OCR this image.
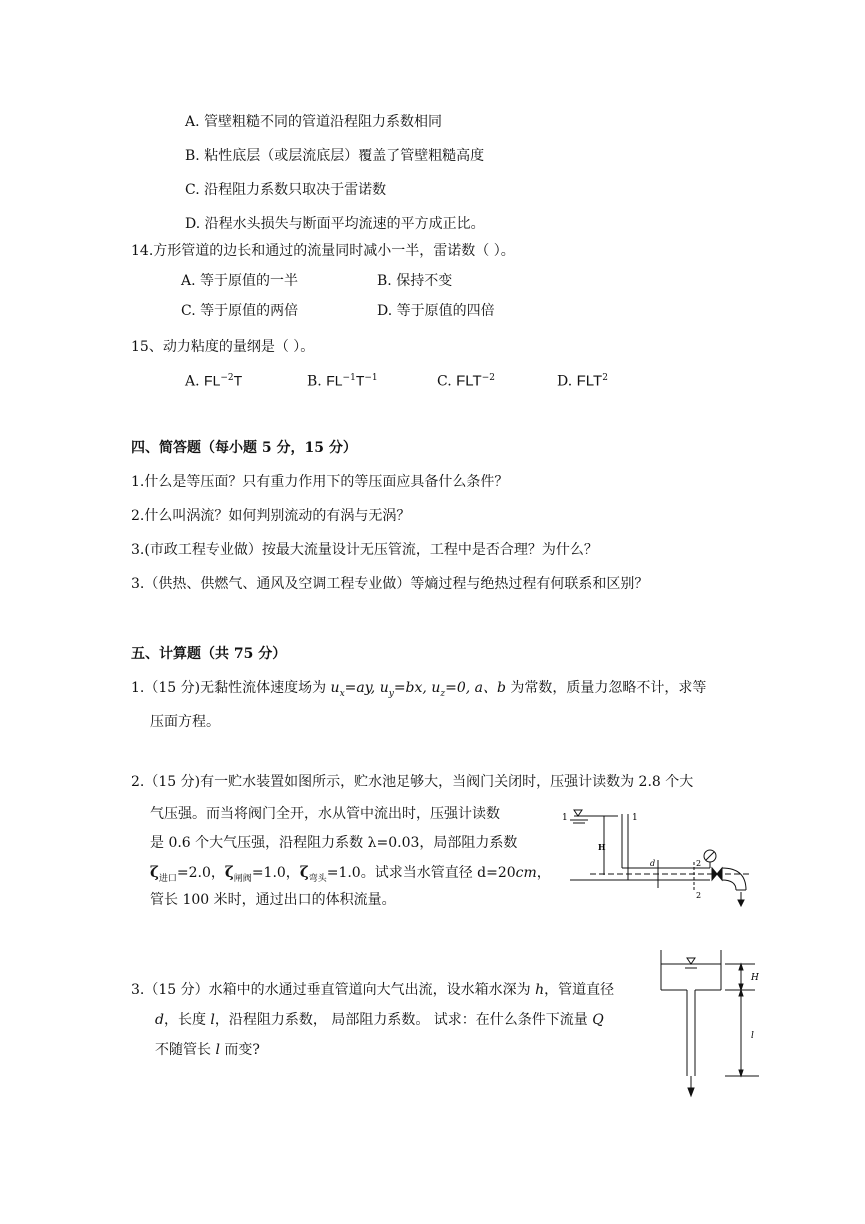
A. 管壁粗糙不同的管道沿程阻力系数相同
B. 粘性底层（或层流底层）覆盖了管壁粗糙高度
C. 沿程阻力系数只取决于雷诺数
D. 沿程水头损失与断面平均流速的平方成正比。
14.方形管道的边长和通过的流量同时减小一半，雷诺数（ ）。
A. 等于原值的一半	B. 保持不变
C. 等于原值的两倍	D. 等于原值的四倍
15、动力粘度的量纲是（ ）。
A. $FL^{-2}T$	B. $FL^{-1}T^{-1}$	C. $FLT^{-2}$	D. FLT$^2$
四、简答题（每小题 5 分，15 分）
1.什么是等压面？只有重力作用下的等压面应具备什么条件？
2.什么叫涡流？如何判别流动的有涡与无涡？
3.(市政工程专业做）按最大流量设计无压管流，工程中是否合理？为什么？
3.（供热、供燃气、通风及空调工程专业做）等熵过程与绝热过程有何联系和区别？
五、计算题（共 75 分）
1.（15 分)无黏性流体速度场为 $u_x=ay$, $u_y=bx$, $u_z=0$, a、b 为常数，质量力忽略不计，求等
压面方程。
2.（15 分)有一贮水装置如图所示，贮水池足够大，当阀门关闭时，压强计读数为 2.8 个大
气压强。而当将阀门全开，水从管中流出时，压强计读数
是 0.6 个大气压强，沿程阻力系数 λ=0.03，局部阻力系数
$\zeta_{进口}=2.0$，$\zeta_{闸阀}=1.0$，$\zeta_{弯头}=1.0$。试求当水管直径 d=20cm，
管长 100 米时，通过出口的体积流量。
1	1
H
d	2
2
3.（15 分）水箱中的水通过垂直管道向大气出流，设水箱水深为 h，管道直径
d，长度 l，沿程阻力系数， 局部阻力系数。 试求：在什么条件下流量 Q
不随管长 l 而变?
H
l
